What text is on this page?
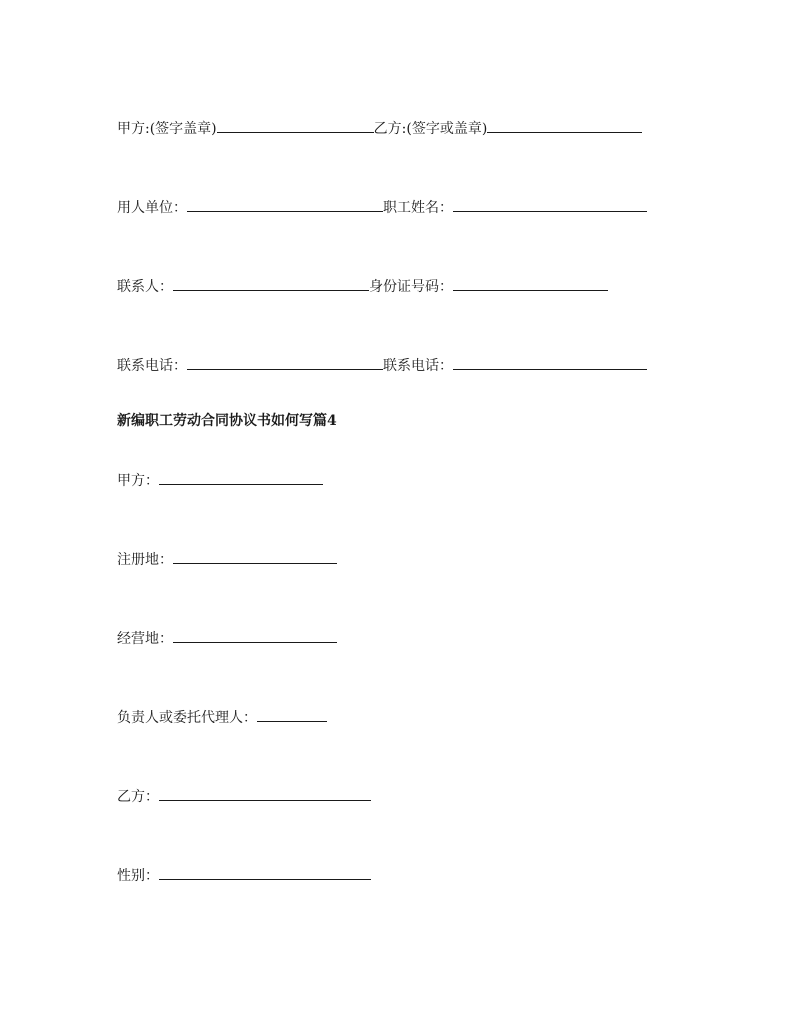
甲方:(签字盖章)	乙方:(签字或盖章)
用人单位：	职工姓名：
联系人：	身份证号码：
联系电话：	联系电话：
新编职工劳动合同协议书如何写篇4
甲方：
注册地：
经营地：
负责人或委托代理人：
乙方：
性别：
